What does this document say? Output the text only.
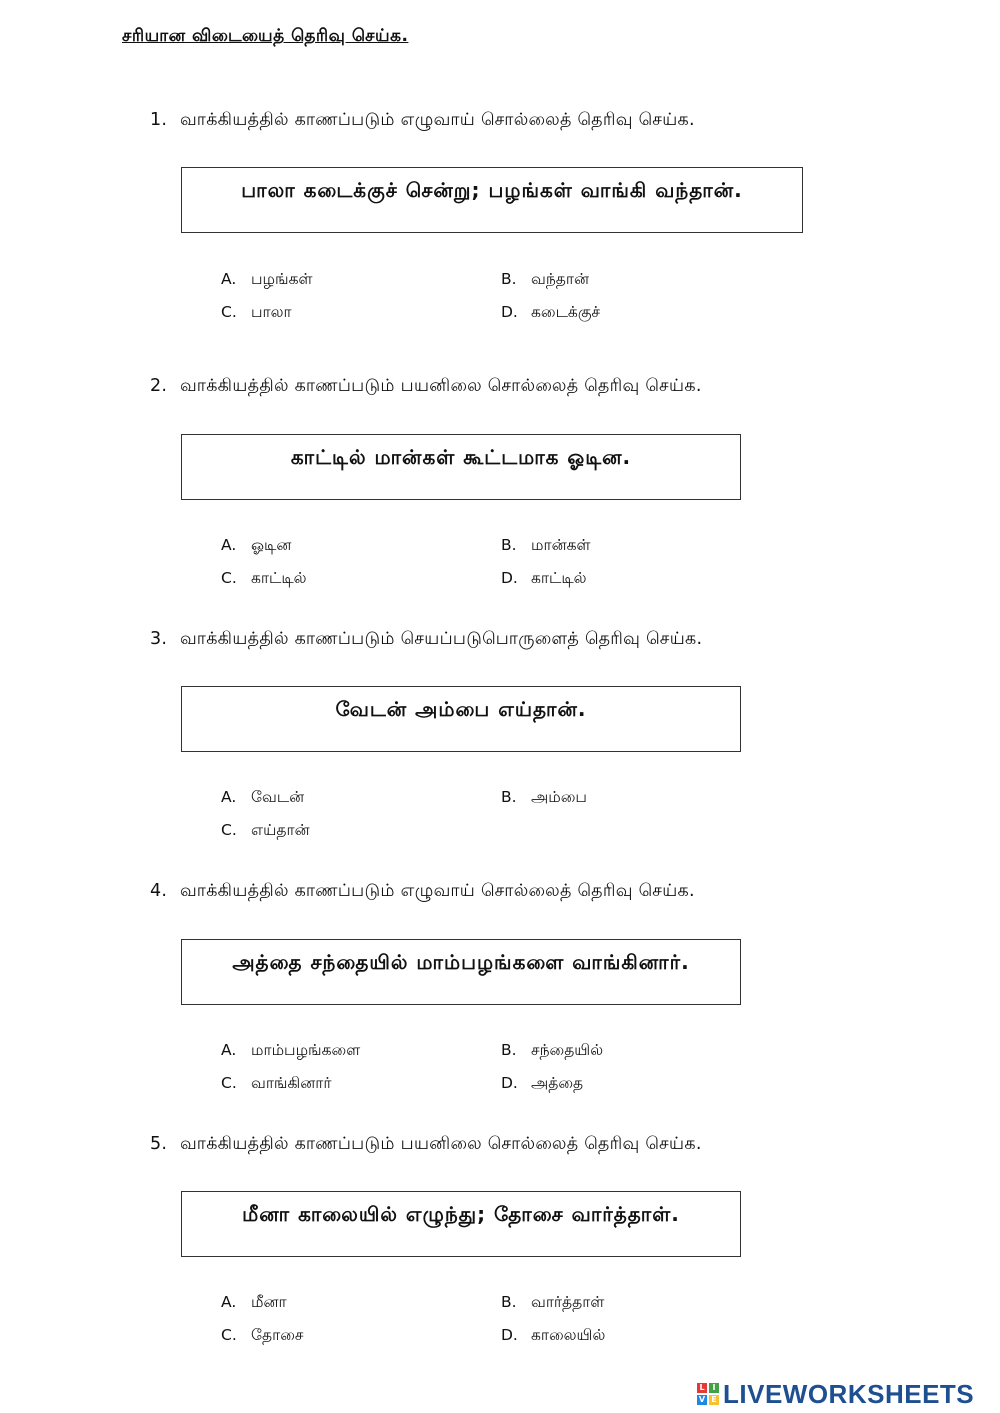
சரியான விடையைத் தெரிவு செய்க.
1. வாக்கியத்தில் காணப்படும் எழுவாய் சொல்லைத் தெரிவு செய்க.
பாலா கடைக்குச் சென்று; பழங்கள் வாங்கி வந்தான்.
A. பழங்கள்	B. வந்தான்
C. பாலா	D. கடைக்குச்
2. வாக்கியத்தில் காணப்படும் பயனிலை சொல்லைத் தெரிவு செய்க.
காட்டில் மான்கள் கூட்டமாக ஓடின.
A. ஓடின	B. மான்கள்
C. காட்டில்	D. காட்டில்
3. வாக்கியத்தில் காணப்படும் செயப்படுபொருளைத் தெரிவு செய்க.
வேடன் அம்பை எய்தான்.
A. வேடன்	B. அம்பை
C. எய்தான்
4. வாக்கியத்தில் காணப்படும் எழுவாய் சொல்லைத் தெரிவு செய்க.
அத்தை சந்தையில் மாம்பழங்களை வாங்கினார்.
A. மாம்பழங்களை	B. சந்தையில்
C. வாங்கினார்	D. அத்தை
5. வாக்கியத்தில் காணப்படும் பயனிலை சொல்லைத் தெரிவு செய்க.
மீனா காலையில் எழுந்து; தோசை வார்த்தாள்.
A. மீனா	B. வார்த்தாள்
C. தோசை	D. காலையில்
L I
V E LIVEWORKSHEETS
